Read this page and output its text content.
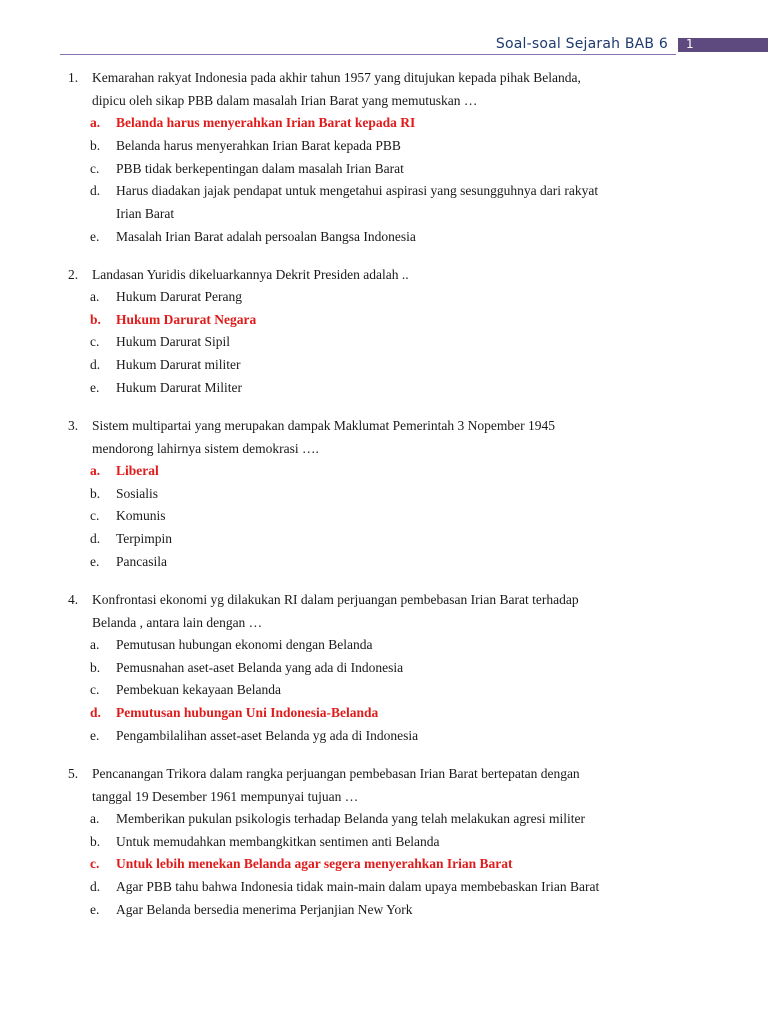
Soal-soal Sejarah BAB 6 1
1.	Kemarahan rakyat Indonesia pada akhir tahun 1957 yang ditujukan kepada pihak Belanda,
dipicu oleh sikap PBB dalam masalah Irian Barat yang memutuskan …
a.	Belanda harus menyerahkan Irian Barat kepada RI
b.	Belanda harus menyerahkan Irian Barat kepada PBB
c.	PBB tidak berkepentingan dalam masalah Irian Barat
d.	Harus diadakan jajak pendapat untuk mengetahui aspirasi yang sesungguhnya dari rakyat
Irian Barat
e.	Masalah Irian Barat adalah persoalan Bangsa Indonesia
2.	Landasan Yuridis dikeluarkannya Dekrit Presiden adalah ..
a.	Hukum Darurat Perang
b.	Hukum Darurat Negara
c.	Hukum Darurat Sipil
d.	Hukum Darurat militer
e.	Hukum Darurat Militer
3.	Sistem multipartai yang merupakan dampak Maklumat Pemerintah 3 Nopember 1945
mendorong lahirnya sistem demokrasi ….
a.	Liberal
b.	Sosialis
c.	Komunis
d.	Terpimpin
e.	Pancasila
4.	Konfrontasi ekonomi yg dilakukan RI dalam perjuangan pembebasan Irian Barat terhadap
Belanda , antara lain dengan …
a.	Pemutusan hubungan ekonomi dengan Belanda
b.	Pemusnahan aset-aset Belanda yang ada di Indonesia
c.	Pembekuan kekayaan Belanda
d.	Pemutusan hubungan Uni Indonesia-Belanda
e.	Pengambilalihan asset-aset Belanda yg ada di Indonesia
5.	Pencanangan Trikora dalam rangka perjuangan pembebasan Irian Barat bertepatan dengan
tanggal 19 Desember 1961 mempunyai tujuan …
a.	Memberikan pukulan psikologis terhadap Belanda yang telah melakukan agresi militer
b.	Untuk memudahkan membangkitkan sentimen anti Belanda
c.	Untuk lebih menekan Belanda agar segera menyerahkan Irian Barat
d.	Agar PBB tahu bahwa Indonesia tidak main-main dalam upaya membebaskan Irian Barat
e.	Agar Belanda bersedia menerima Perjanjian New York
